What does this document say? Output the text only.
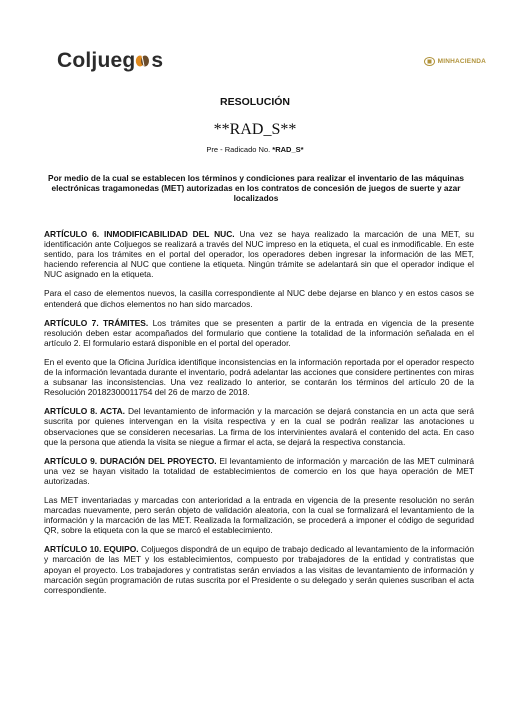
Coljueg s	MINHACIENDA
RESOLUCIÓN
**RAD_S**
Pre - Radicado No. *RAD_S*
Por medio de la cual se establecen los términos y condiciones para realizar el inventario de las máquinas electrónicas tragamonedas (MET) autorizadas en los contratos de concesión de juegos de suerte y azar localizados

ARTÍCULO 6. INMODIFICABILIDAD DEL NUC. Una vez se haya realizado la marcación de una MET, su identificación ante Coljuegos se realizará a través del NUC impreso en la etiqueta, el cual es inmodificable. En este sentido, para los trámites en el portal del operador, los operadores deben ingresar la información de las MET, haciendo referencia al NUC que contiene la etiqueta. Ningún trámite se adelantará sin que el operador indique el NUC asignado en la etiqueta.

Para el caso de elementos nuevos, la casilla correspondiente al NUC debe dejarse en blanco y en estos casos se entenderá que dichos elementos no han sido marcados.

ARTÍCULO 7. TRÁMITES. Los trámites que se presenten a partir de la entrada en vigencia de la presente resolución deben estar acompañados del formulario que contiene la totalidad de la información señalada en el artículo 2. El formulario estará disponible en el portal del operador.

En el evento que la Oficina Jurídica identifique inconsistencias en la información reportada por el operador respecto de la información levantada durante el inventario, podrá adelantar las acciones que considere pertinentes con miras a subsanar las inconsistencias. Una vez realizado lo anterior, se contarán los términos del artículo 20 de la Resolución 20182300011754 del 26 de marzo de 2018.

ARTÍCULO 8. ACTA. Del levantamiento de información y la marcación se dejará constancia en un acta que será suscrita por quienes intervengan en la visita respectiva y en la cual se podrán realizar las anotaciones u observaciones que se consideren necesarias. La firma de los intervinientes avalará el contenido del acta. En caso que la persona que atienda la visita se niegue a firmar el acta, se dejará la respectiva constancia.

ARTÍCULO 9. DURACIÓN DEL PROYECTO. El levantamiento de información y marcación de las MET culminará una vez se hayan visitado la totalidad de establecimientos de comercio en los que haya operación de MET autorizadas.

Las MET inventariadas y marcadas con anterioridad a la entrada en vigencia de la presente resolución no serán marcadas nuevamente, pero serán objeto de validación aleatoria, con la cual se formalizará el levantamiento de la información y la marcación de las MET. Realizada la formalización, se procederá a imponer el código de seguridad QR, sobre la etiqueta con la que se marcó el establecimiento.

ARTÍCULO 10. EQUIPO. Coljuegos dispondrá de un equipo de trabajo dedicado al levantamiento de la información y marcación de las MET y los establecimientos, compuesto por trabajadores de la entidad y contratistas que apoyan el proyecto. Los trabajadores y contratistas serán enviados a las visitas de levantamiento de información y marcación según programación de rutas suscrita por el Presidente o su delegado y serán quienes suscriban el acta correspondiente.
